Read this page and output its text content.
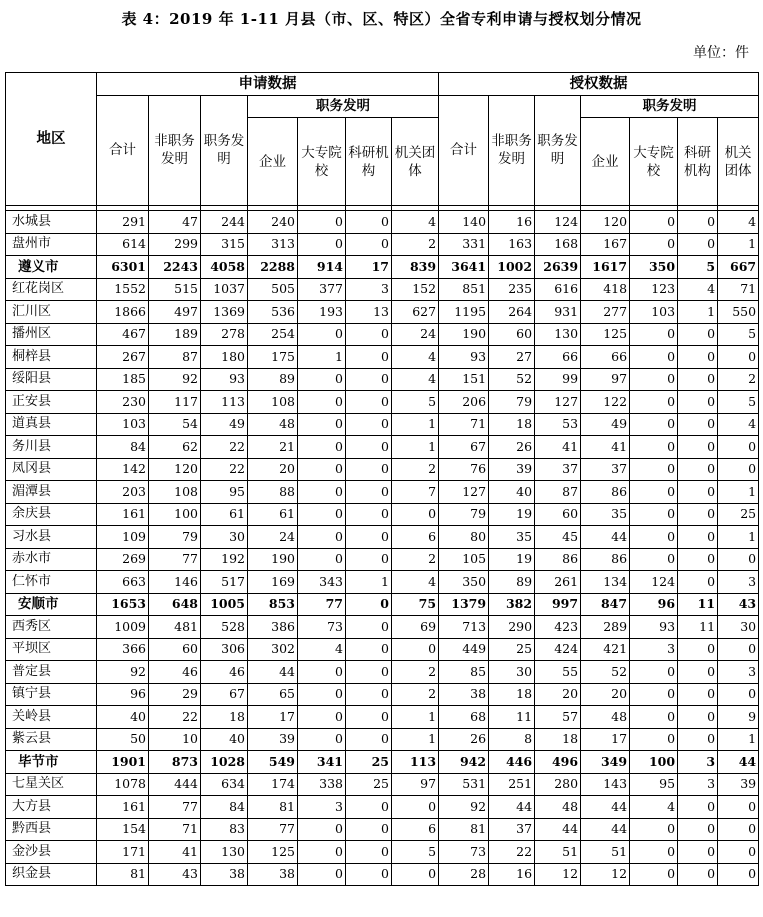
表 4：2019 年 1-11 月县（市、区、特区）全省专利申请与授权划分情况
单位：件
地区	申请数据							授权数据						
	合计	非职务发明	职务发明	职务发明				合计	非职务发明	职务发明	职务发明			
				企业	大专院校	科研机构	机关团体				企业	大专院校	科研机构	机关团体

水城县	291	47	244	240	0	0	4	140	16	124	120	0	0	4
盘州市	614	299	315	313	0	0	2	331	163	168	167	0	0	1
遵义市	6301	2243	4058	2288	914	17	839	3641	1002	2639	1617	350	5	667
红花岗区	1552	515	1037	505	377	3	152	851	235	616	418	123	4	71
汇川区	1866	497	1369	536	193	13	627	1195	264	931	277	103	1	550
播州区	467	189	278	254	0	0	24	190	60	130	125	0	0	5
桐梓县	267	87	180	175	1	0	4	93	27	66	66	0	0	0
绥阳县	185	92	93	89	0	0	4	151	52	99	97	0	0	2
正安县	230	117	113	108	0	0	5	206	79	127	122	0	0	5
道真县	103	54	49	48	0	0	1	71	18	53	49	0	0	4
务川县	84	62	22	21	0	0	1	67	26	41	41	0	0	0
凤冈县	142	120	22	20	0	0	2	76	39	37	37	0	0	0
湄潭县	203	108	95	88	0	0	7	127	40	87	86	0	0	1
余庆县	161	100	61	61	0	0	0	79	19	60	35	0	0	25
习水县	109	79	30	24	0	0	6	80	35	45	44	0	0	1
赤水市	269	77	192	190	0	0	2	105	19	86	86	0	0	0
仁怀市	663	146	517	169	343	1	4	350	89	261	134	124	0	3
安顺市	1653	648	1005	853	77	0	75	1379	382	997	847	96	11	43
西秀区	1009	481	528	386	73	0	69	713	290	423	289	93	11	30
平坝区	366	60	306	302	4	0	0	449	25	424	421	3	0	0
普定县	92	46	46	44	0	0	2	85	30	55	52	0	0	3
镇宁县	96	29	67	65	0	0	2	38	18	20	20	0	0	0
关岭县	40	22	18	17	0	0	1	68	11	57	48	0	0	9
紫云县	50	10	40	39	0	0	1	26	8	18	17	0	0	1
毕节市	1901	873	1028	549	341	25	113	942	446	496	349	100	3	44
七星关区	1078	444	634	174	338	25	97	531	251	280	143	95	3	39
大方县	161	77	84	81	3	0	0	92	44	48	44	4	0	0
黔西县	154	71	83	77	0	0	6	81	37	44	44	0	0	0
金沙县	171	41	130	125	0	0	5	73	22	51	51	0	0	0
织金县	81	43	38	38	0	0	0	28	16	12	12	0	0	0
